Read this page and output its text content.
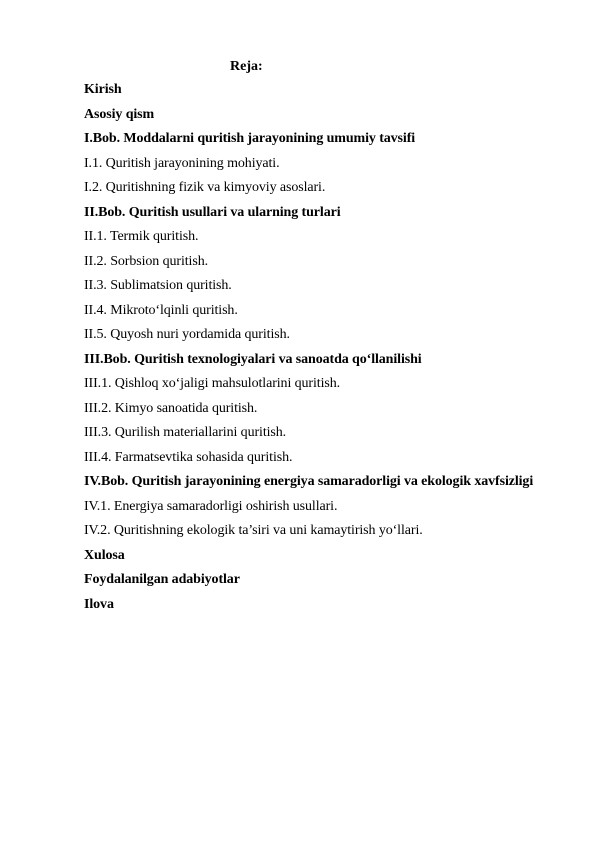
Reja:
Kirish
Asosiy qism
I.Bob. Moddalarni quritish jarayonining umumiy tavsifi
I.1. Quritish jarayonining mohiyati.
I.2. Quritishning fizik va kimyoviy asoslari.
II.Bob. Quritish usullari va ularning turlari
II.1. Termik quritish.
II.2. Sorbsion quritish.
II.3. Sublimatsion quritish.
II.4. Mikroto‘lqinli quritish.
II.5. Quyosh nuri yordamida quritish.
III.Bob. Quritish texnologiyalari va sanoatda qo‘llanilishi
III.1. Qishloq xo‘jaligi mahsulotlarini quritish.
III.2. Kimyo sanoatida quritish.
III.3. Qurilish materiallarini quritish.
III.4. Farmatsevtika sohasida quritish.
IV.Bob. Quritish jarayonining energiya samaradorligi va ekologik xavfsizligi
IV.1. Energiya samaradorligi oshirish usullari.
IV.2. Quritishning ekologik ta’siri va uni kamaytirish yo‘llari.
Xulosa
Foydalanilgan adabiyotlar
Ilova
